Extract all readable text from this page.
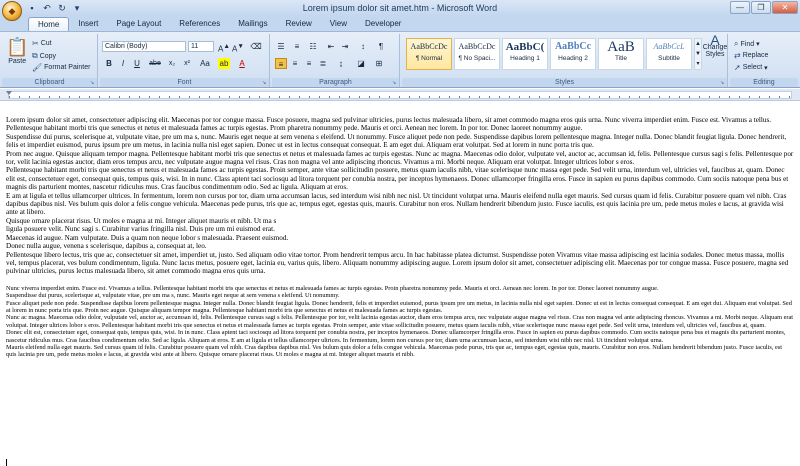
◆	▪	↶ ↻ ▾	Lorem ipsum dolor sit amet.htm - Microsoft Word	—	❐	✕
Home	Insert	Page Layout	References	Mailings	Review	View	Developer
📋
Paste
✂ Cut
⧉ Copy
🖌 Format Painter
Clipboard	↘
Calibri (Body)	11	A▲ A▼ ⌫
B	I	U	abe	x₂	x²	Aa ab	A
Font	↘
☰	≡	☷	⇤ ⇥	↕	¶
≡	≡	≡	≣	↨	◪	⊞
Paragraph	↘
AaBbCcDc
¶ Normal
AaBbCcDc
¶ No Spaci...
AaBbC(
Heading 1
AaBbCc
Heading 2
AaB
Title
AaBbCcL
Subtitle
▲
▼
▾
A
Change Styles
Styles	↘
⌕ Find ▾
⇄ Replace
➚ Select ▾
Editing

Lorem ipsum dolor sit amet, consectetuer adipiscing elit. Maecenas por tor congue massa. Fusce posuere, magna sed pulvinar ultricies, purus lectus malesuada libero, sit amet commodo magna eros quis urna. Nunc viverra imperdiet enim. Fusce est. Vivamus a tellus. Pellentesque habitant morbi tris que senectus et netus et malesuada fames ac turpis egestas. Prom pharetra nonummy pede. Mauris et orci. Aenean nec lorem. In por tor. Donec laoreet nonummy augue.

Suspendisse dui purus, scelerisque at, vulputate vitae, pre um ma s, nunc. Mauris eget neque at sem venena s eleifend. Ut nonummy. Fusce aliquet pede non pede. Suspendisse dapibus lorem pellentesque magna. Integer nulla. Donec blandit feugiat ligula. Donec hendrerit, felis et imperdiet euismod, purus ipsum pre um metus, in lacinia nulla nisl eget sapien. Donec ut est in lectus consequat consequat. E am eget dui. Aliquam erat volutpat. Sed at lorem in nunc porta tris que.

Prom nec augue. Quisque aliquam tempor magna. Pellentesque habitant morbi tris que senectus et netus et malesuada fames ac turpis egestas. Nunc ac magna. Maecenas odio dolor, vulputate vel, auctor ac, accumsan id, felis. Pellentesque cursus sagi s felis. Pellentesque por tor, velit lacinia egestas auctor, diam eros tempus arcu, nec vulputate augue magna vel risus. Cras non magna vel ante adipiscing rhoncus. Vivamus a mi. Morbi neque. Aliquam erat volutpat. Integer ultrices lobor s eros.

Pellentesque habitant morbi tris que senectus et netus et malesuada fames ac turpis egestas. Proin semper, ante vitae sollicitudin posuere, metus quam iaculis nibh, vitae scelerisque nunc massa eget pede. Sed velit urna, interdum vel, ultricies vel, faucibus at, quam. Donec elit est, consectetuer eget, consequat quis, tempus quis, wisi. In in nunc. Class aptent taci sociosqu ad litora torquent per conubia nostra, per inceptos hymenaeos. Donec ullamcorper fringilla eros. Fusce in sapien eu purus dapibus commodo. Cum sociis natoque pena bus et magnis dis parturient montes, nascetur ridiculus mus. Cras faucibus condimentum odio. Sed ac ligula. Aliquam at eros.

E am at ligula et tellus ullamcorper ultrices. In fermentum, lorem non cursus por tor, diam urna accumsan lacus, sed interdum wisi nibh nec nisl. Ut tincidunt volutpat urna. Mauris eleifend nulla eget mauris. Sed cursus quam id felis. Curabitur posuere quam vel nibh. Cras dapibus dapibus nisl. Ves bulum quis dolor a felis congue vehicula. Maecenas pede purus, tris que ac, tempus eget, egestas quis, mauris. Curabitur non eros. Nullam hendrerit bibendum justo. Fusce iaculis, est quis lacinia pre um, pede metus moles e lacus, at gravida wisi ante at libero.

Quisque ornare placerat risus. Ut moles e magna at mi. Integer aliquet mauris et nibh. Ut ma s

ligula posuere velit. Nunc sagi s. Curabitur varius fringilla nisl. Duis pre um mi euismod erat.

Maecenas id augue. Nam vulputate. Duis a quam non neque lobor s malesuada. Praesent euismod.

Donec nulla augue, venena s scelerisque, dapibus a, consequat at, leo.

Pellentesque libero lectus, tris que ac, consectetuer sit amet, imperdiet ut, justo. Sed aliquam odio vitae tortor. Prom hendrerit tempus arcu. In hac habitasse platea dictumst. Suspendisse poten Vivamus vitae massa adipiscing est lacinia sodales. Donec metus massa, mollis vel, tempus placerat, ves bulum condimentum, ligula. Nunc lacus metus, posuere eget, lacinia eu, varius quis, libero. Aliquam nonummy adipiscing augue. Lorem ipsum dolor sit amet, consectetuer adipiscing elit. Maecenas por tor congue massa. Fusce posuere, magna sed pulvinar ultricies, purus lectus malesuada libero, sit amet commodo magna eros quis urna.

Nunc viverra imperdiet enim. Fusce est. Vivamus a tellus. Pellentesque habitant morbi tris que senectus et netus et malesuada fames ac turpis egestas. Proin pharetra nonummy pede. Mauris et orci. Aenean nec lorem. In por tor. Donec laoreet nonummy augue.

Suspendisse dui purus, scelerisque at, vulputate vitae, pre um ma s, nunc. Mauris eget neque at sem venena s eleifend. Ut nonummy.

Fusce aliquet pede non pede. Suspendisse dapibus lorem pellentesque magna. Integer nulla. Donec blandit feugiat ligula. Donec hendrerit, felis et imperdiet euismod, purus ipsum pre um metus, in lacinia nulla nisl eget sapien. Donec ut est in lectus consequat consequat. E am eget dui. Aliquam erat volutpat. Sed at lorem in nunc porta tris que. Proin nec augue. Quisque aliquam tempor magna. Pellentesque habitant morbi tris que senectus et netus et malesuada fames ac turpis egestas.

Nunc ac magna. Maecenas odio dolor, vulputate vel, auctor ac, accumsan id, felis. Pellentesque cursus sagi s felis. Pellentesque por tor, velit lacinia egestas auctor, diam eros tempus arcu, nec vulputate augue magna vel risus. Cras non magna vel ante adipiscing rhoncus. Vivamus a mi. Morbi neque. Aliquam erat volutpat. Integer ultrices lobor s eros. Pellentesque habitant morbi tris que senectus et netus et malesuada fames ac turpis egestas. Proin semper, ante vitae sollicitudin posuere, metus quam iaculis nibh, vitae scelerisque nunc massa eget pede. Sed velit urna, interdum vel, ultricies vel, faucibus at, quam.

Donec elit est, consectetuer eget, consequat quis, tempus quis, wisi. In in nunc. Class aptent taci sociosqu ad litora torquent per conubia nostra, per inceptos hymenaeos. Donec ullamcorper fringilla eros. Fusce in sapien eu purus dapibus commodo. Cum sociis natoque pena bus et magnis dis parturient montes, nascetur ridiculus mus. Cras faucibus condimentum odio. Sed ac ligula. Aliquam at eros. E am at ligula et tellus ullamcorper ultrices. In fermentum, lorem non cursus por tor, diam urna accumsan lacus, sed interdum wisi nibh nec nisl. Ut tincidunt volutpat urna.

Mauris eleifend nulla eget mauris. Sed cursus quam id felis. Curabitur posuere quam vel nibh. Cras dapibus dapibus nisl. Ves bulum quis dolor a felis congue vehicula. Maecenas pede purus, tris que ac, tempus eget, egestas quis, mauris. Curabitur non eros. Nullam hendrerit bibendum justo. Fusce iaculis, est quis lacinia pre um, pede metus moles e lacus, at gravida wisi ante at libero. Quisque ornare placerat risus. Ut moles e magna at mi. Integer aliquet mauris et nibh.
